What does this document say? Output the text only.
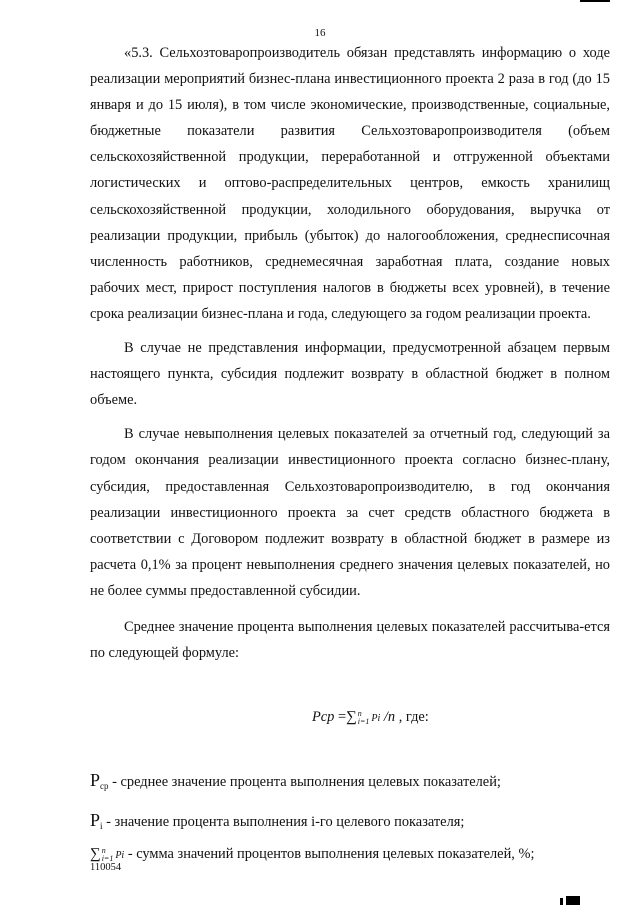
16

«5.3. Сельхозтоваропроизводитель обязан представлять информацию о ходе реализации мероприятий бизнес-плана инвестиционного проекта 2 раза в год (до 15 января и до 15 июля), в том числе экономические, производственные, социальные, бюджетные показатели развития Сельхозтоваропроизводителя (объем сельскохозяйственной продукции, переработанной и отгруженной объектами логистических и оптово-распределительных центров, емкость хранилищ сельскохозяйственной продукции, холодильного оборудования, выручка от реализации продукции, прибыль (убыток) до налогообложения, среднесписочная численность работников, среднемесячная заработная плата, создание новых рабочих мест, прирост поступления налогов в бюджеты всех уровней), в течение срока реализации бизнес-плана и года, следующего за годом реализации проекта.

В случае не представления информации, предусмотренной абзацем первым настоящего пункта, субсидия подлежит возврату в областной бюджет в полном объеме.

В случае невыполнения целевых показателей за отчетный год, следующий за годом окончания реализации инвестиционного проекта согласно бизнес-плану, субсидия, предоставленная Сельхозтоваропроизводителю, в год окончания реализации инвестиционного проекта за счет средств областного бюджета в соответствии с Договором подлежит возврату в областной бюджет в размере из расчета 0,1% за процент невыполнения среднего значения целевых показателей, но не более суммы предоставленной субсидии.

Среднее значение процента выполнения целевых показателей рассчитыва-ется по следующей формуле:

Pcp =∑ n
i=1 Pi /n , где:

$P_{ср}$ - среднее значение процента выполнения целевых показателей;

$P_i$ - значение процента выполнения i-го целевого показателя;

∑ n
i=1 Pi - сумма значений процентов выполнения целевых показателей, %;

110054
